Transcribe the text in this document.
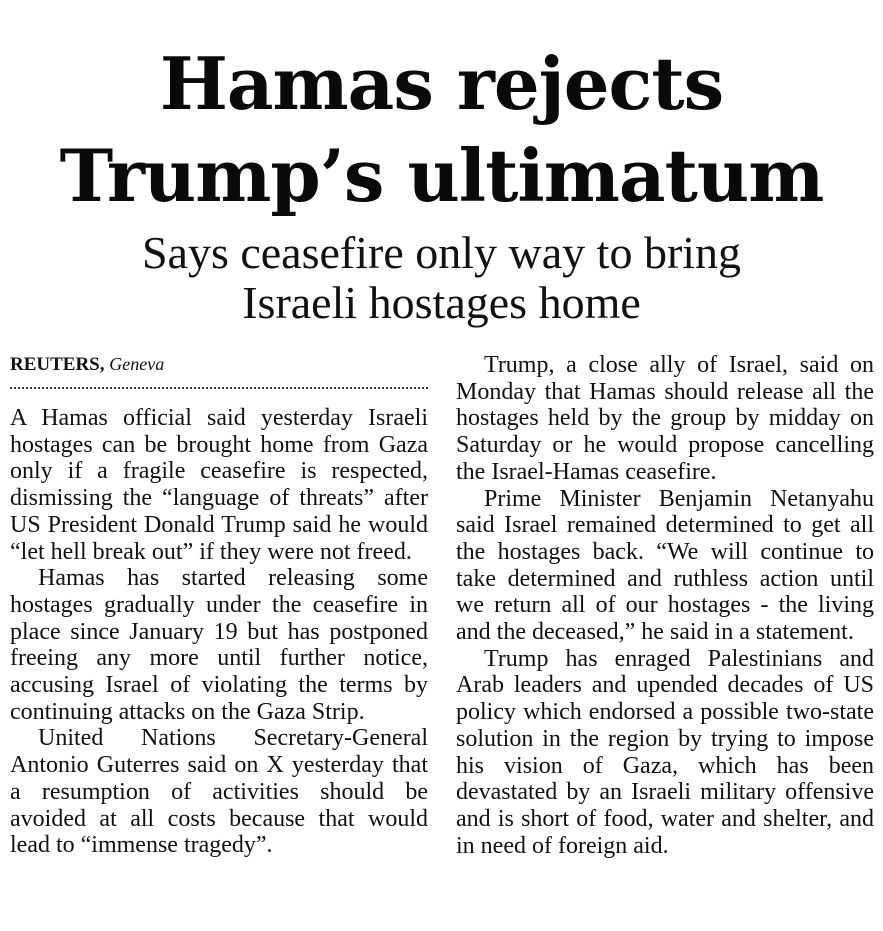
Hamas rejects
Trump’s ultimatum
Says ceasefire only way to bring
Israeli hostages home

REUTERS, Geneva

A Hamas official said yesterday Israeli hostages can be brought home from Gaza only if a fragile ceasefire is respected, dismissing the “language of threats” after US President Donald Trump said he would “let hell break out” if they were not freed.

Hamas has started releasing some hostages gradually under the ceasefire in place since January 19 but has postponed freeing any more until further notice, accusing Israel of violating the terms by continuing attacks on the Gaza Strip.

United Nations Secretary-General Antonio Guterres said on X yesterday that a resumption of activities should be avoided at all costs because that would lead to “immense tragedy”.

Trump, a close ally of Israel, said on Monday that Hamas should release all the hostages held by the group by midday on Saturday or he would propose cancelling the Israel-Hamas ceasefire.

Prime Minister Benjamin Netanyahu said Israel remained determined to get all the hostages back. “We will continue to take determined and ruthless action until we return all of our hostages - the living and the deceased,” he said in a statement.

Trump has enraged Palestinians and Arab leaders and upended decades of US policy which endorsed a possible two-state solution in the region by trying to impose his vision of Gaza, which has been devastated by an Israeli military offensive and is short of food, water and shelter, and in need of foreign aid.
